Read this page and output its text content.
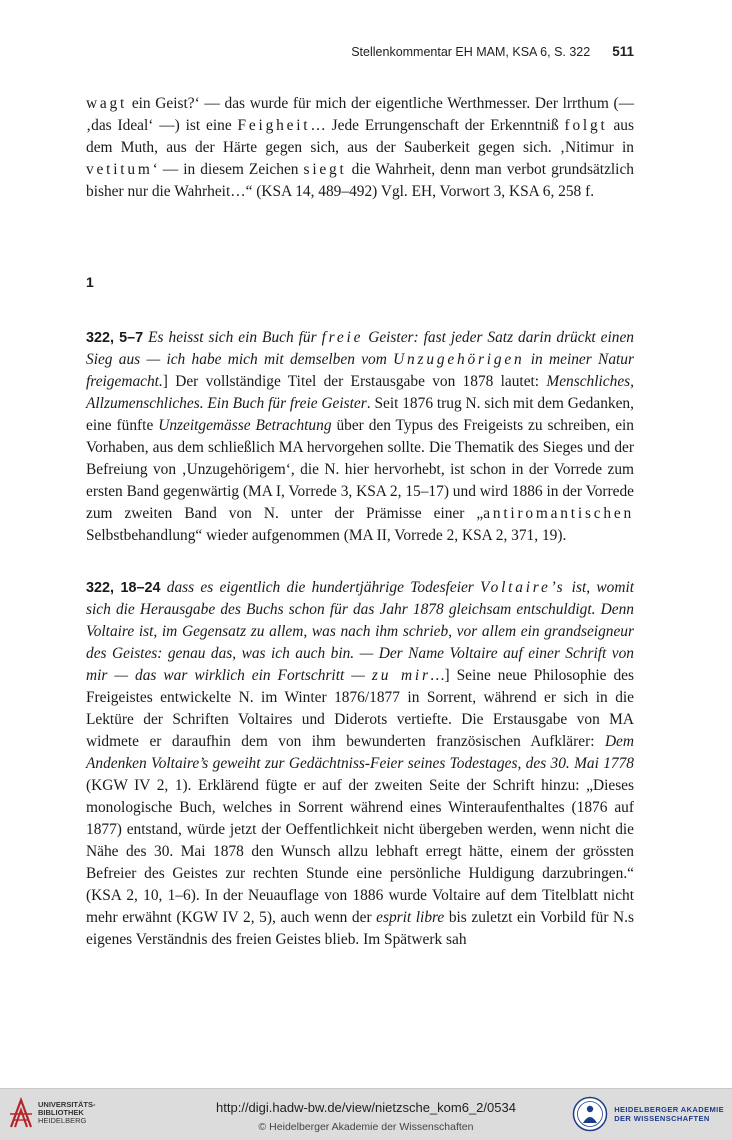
Stellenkommentar EH MAM, KSA 6, S. 322 511

wagt ein Geist?‘ — das wurde für mich der eigentliche Werthmesser. Der lrrthum (— ‚das Ideal‘ —) ist eine Feigheit… Jede Errungenschaft der Erkenntniß folgt aus dem Muth, aus der Härte gegen sich, aus der Sauberkeit gegen sich. ‚Nitimur in vetitum‘ — in diesem Zeichen siegt die Wahrheit, denn man verbot grundsätzlich bisher nur die Wahrheit…“ (KSA 14, 489–492) Vgl. EH, Vorwort 3, KSA 6, 258 f.

1

322, 5–7 Es heisst sich ein Buch für freie Geister: fast jeder Satz darin drückt einen Sieg aus — ich habe mich mit demselben vom Unzugehörigen in meiner Natur freigemacht.] Der vollständige Titel der Erstausgabe von 1878 lautet: Menschliches, Allzumenschliches. Ein Buch für freie Geister. Seit 1876 trug N. sich mit dem Gedanken, eine fünfte Unzeitgemässe Betrachtung über den Typus des Freigeists zu schreiben, ein Vorhaben, aus dem schließlich MA hervorgehen sollte. Die Thematik des Sieges und der Befreiung von ‚Unzugehörigem‘, die N. hier hervorhebt, ist schon in der Vorrede zum ersten Band gegenwärtig (MA I, Vorrede 3, KSA 2, 15–17) und wird 1886 in der Vorrede zum zweiten Band von N. unter der Prämisse einer „antiromantischen Selbstbehandlung“ wieder aufgenommen (MA II, Vorrede 2, KSA 2, 371, 19).

322, 18–24 dass es eigentlich die hundertjährige Todesfeier Voltaire’s ist, womit sich die Herausgabe des Buchs schon für das Jahr 1878 gleichsam entschuldigt. Denn Voltaire ist, im Gegensatz zu allem, was nach ihm schrieb, vor allem ein grandseigneur des Geistes: genau das, was ich auch bin. — Der Name Voltaire auf einer Schrift von mir — das war wirklich ein Fortschritt — zu mir…] Seine neue Philosophie des Freigeistes entwickelte N. im Winter 1876/1877 in Sorrent, während er sich in die Lektüre der Schriften Voltaires und Diderots vertiefte. Die Erstausgabe von MA widmete er daraufhin dem von ihm bewunderten französischen Aufklärer: Dem Andenken Voltaire’s geweiht zur Gedächtniss-Feier seines Todestages, des 30. Mai 1778 (KGW IV 2, 1). Erklärend fügte er auf der zweiten Seite der Schrift hinzu: „Dieses monologische Buch, welches in Sorrent während eines Winteraufenthaltes (1876 auf 1877) entstand, würde jetzt der Oeffentlichkeit nicht übergeben werden, wenn nicht die Nähe des 30. Mai 1878 den Wunsch allzu lebhaft erregt hätte, einem der grössten Befreier des Geistes zur rechten Stunde eine persönliche Huldigung darzubringen.“ (KSA 2, 10, 1–6). In der Neuauflage von 1886 wurde Voltaire auf dem Titelblatt nicht mehr erwähnt (KGW IV 2, 5), auch wenn der esprit libre bis zuletzt ein Vorbild für N.s eigenes Verständnis des freien Geistes blieb. Im Spätwerk sah

UNIVERSITÄTS-
BIBLIOTHEK
HEIDELBERG
http://digi.hadw-bw.de/view/nietzsche_kom6_2/0534
© Heidelberger Akademie der Wissenschaften
HEIDELBERGER AKADEMIE
DER WISSENSCHAFTEN
